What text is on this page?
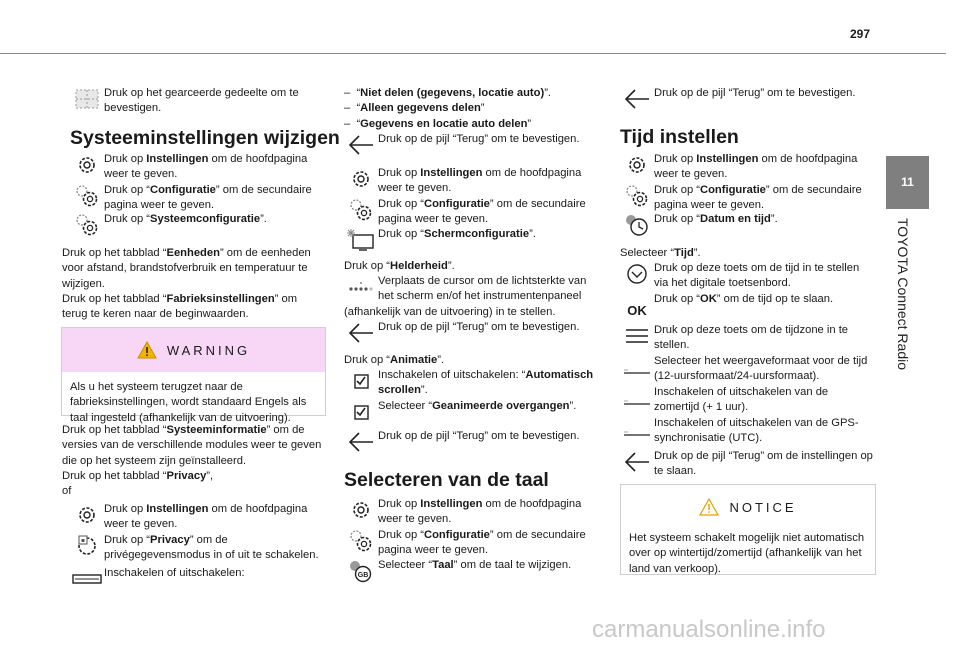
297
11
TOYOTA Connect Radio
Druk op het gearceerde gedeelte om te bevestigen.
Systeeminstellingen wijzigen
Druk op Instellingen om de hoofdpagina weer te geven.
Druk op “Configuratie” om de secundaire pagina weer te geven.
Druk op “Systeemconfiguratie”.
Druk op het tabblad “Eenheden” om de eenheden voor afstand, brandstofverbruik en temperatuur te wijzigen.
Druk op het tabblad “Fabrieksinstellingen” om terug te keren naar de beginwaarden.
WARNING
Als u het systeem terugzet naar de fabrieksinstellingen, wordt standaard Engels als taal ingesteld (afhankelijk van de uitvoering).
Druk op het tabblad “Systeeminformatie” om de versies van de verschillende modules weer te geven die op het systeem zijn geïnstalleerd.
Druk op het tabblad “Privacy”,
of
Druk op Instellingen om de hoofdpagina weer te geven.
Druk op “Privacy” om de privégegevensmodus in of uit te schakelen.
Inschakelen of uitschakelen:
–  “Niet delen (gegevens, locatie auto)”.
–  “Alleen gegevens delen”
–  “Gegevens en locatie auto delen”
Druk op de pijl “Terug” om te bevestigen.
Druk op Instellingen om de hoofdpagina weer te geven.
Druk op “Configuratie” om de secundaire pagina weer te geven.
Druk op “Schermconfiguratie”.
Druk op “Helderheid”.
Verplaats de cursor om de lichtsterkte van het scherm en/of het instrumentenpaneel
(afhankelijk van de uitvoering) in te stellen.
Druk op de pijl “Terug” om te bevestigen.
Druk op “Animatie”.
Inschakelen of uitschakelen: “Automatisch scrollen”.
Selecteer “Geanimeerde overgangen”.
Druk op de pijl “Terug” om te bevestigen.
Selecteren van de taal
Druk op Instellingen om de hoofdpagina weer te geven.
Druk op “Configuratie” om de secundaire pagina weer te geven.
GB
Selecteer “Taal” om de taal te wijzigen.
Druk op de pijl “Terug” om te bevestigen.
Tijd instellen
Druk op Instellingen om de hoofdpagina weer te geven.
Druk op “Configuratie” om de secundaire pagina weer te geven.
Druk op “Datum en tijd”.
Selecteer “Tijd”.
Druk op deze toets om de tijd in te stellen via het digitale toetsenbord.
OK
Druk op “OK” om de tijd op te slaan.
Druk op deze toets om de tijdzone in te stellen.
Selecteer het weergaveformaat voor de tijd (12-uursformaat/24-uursformaat).
Inschakelen of uitschakelen van de zomertijd (+ 1 uur).
Inschakelen of uitschakelen van de GPS-synchronisatie (UTC).
Druk op de pijl “Terug” om de instellingen op te slaan.
NOTICE
Het systeem schakelt mogelijk niet automatisch over op wintertijd/zomertijd (afhankelijk van het land van verkoop).
carmanualsonline.info
